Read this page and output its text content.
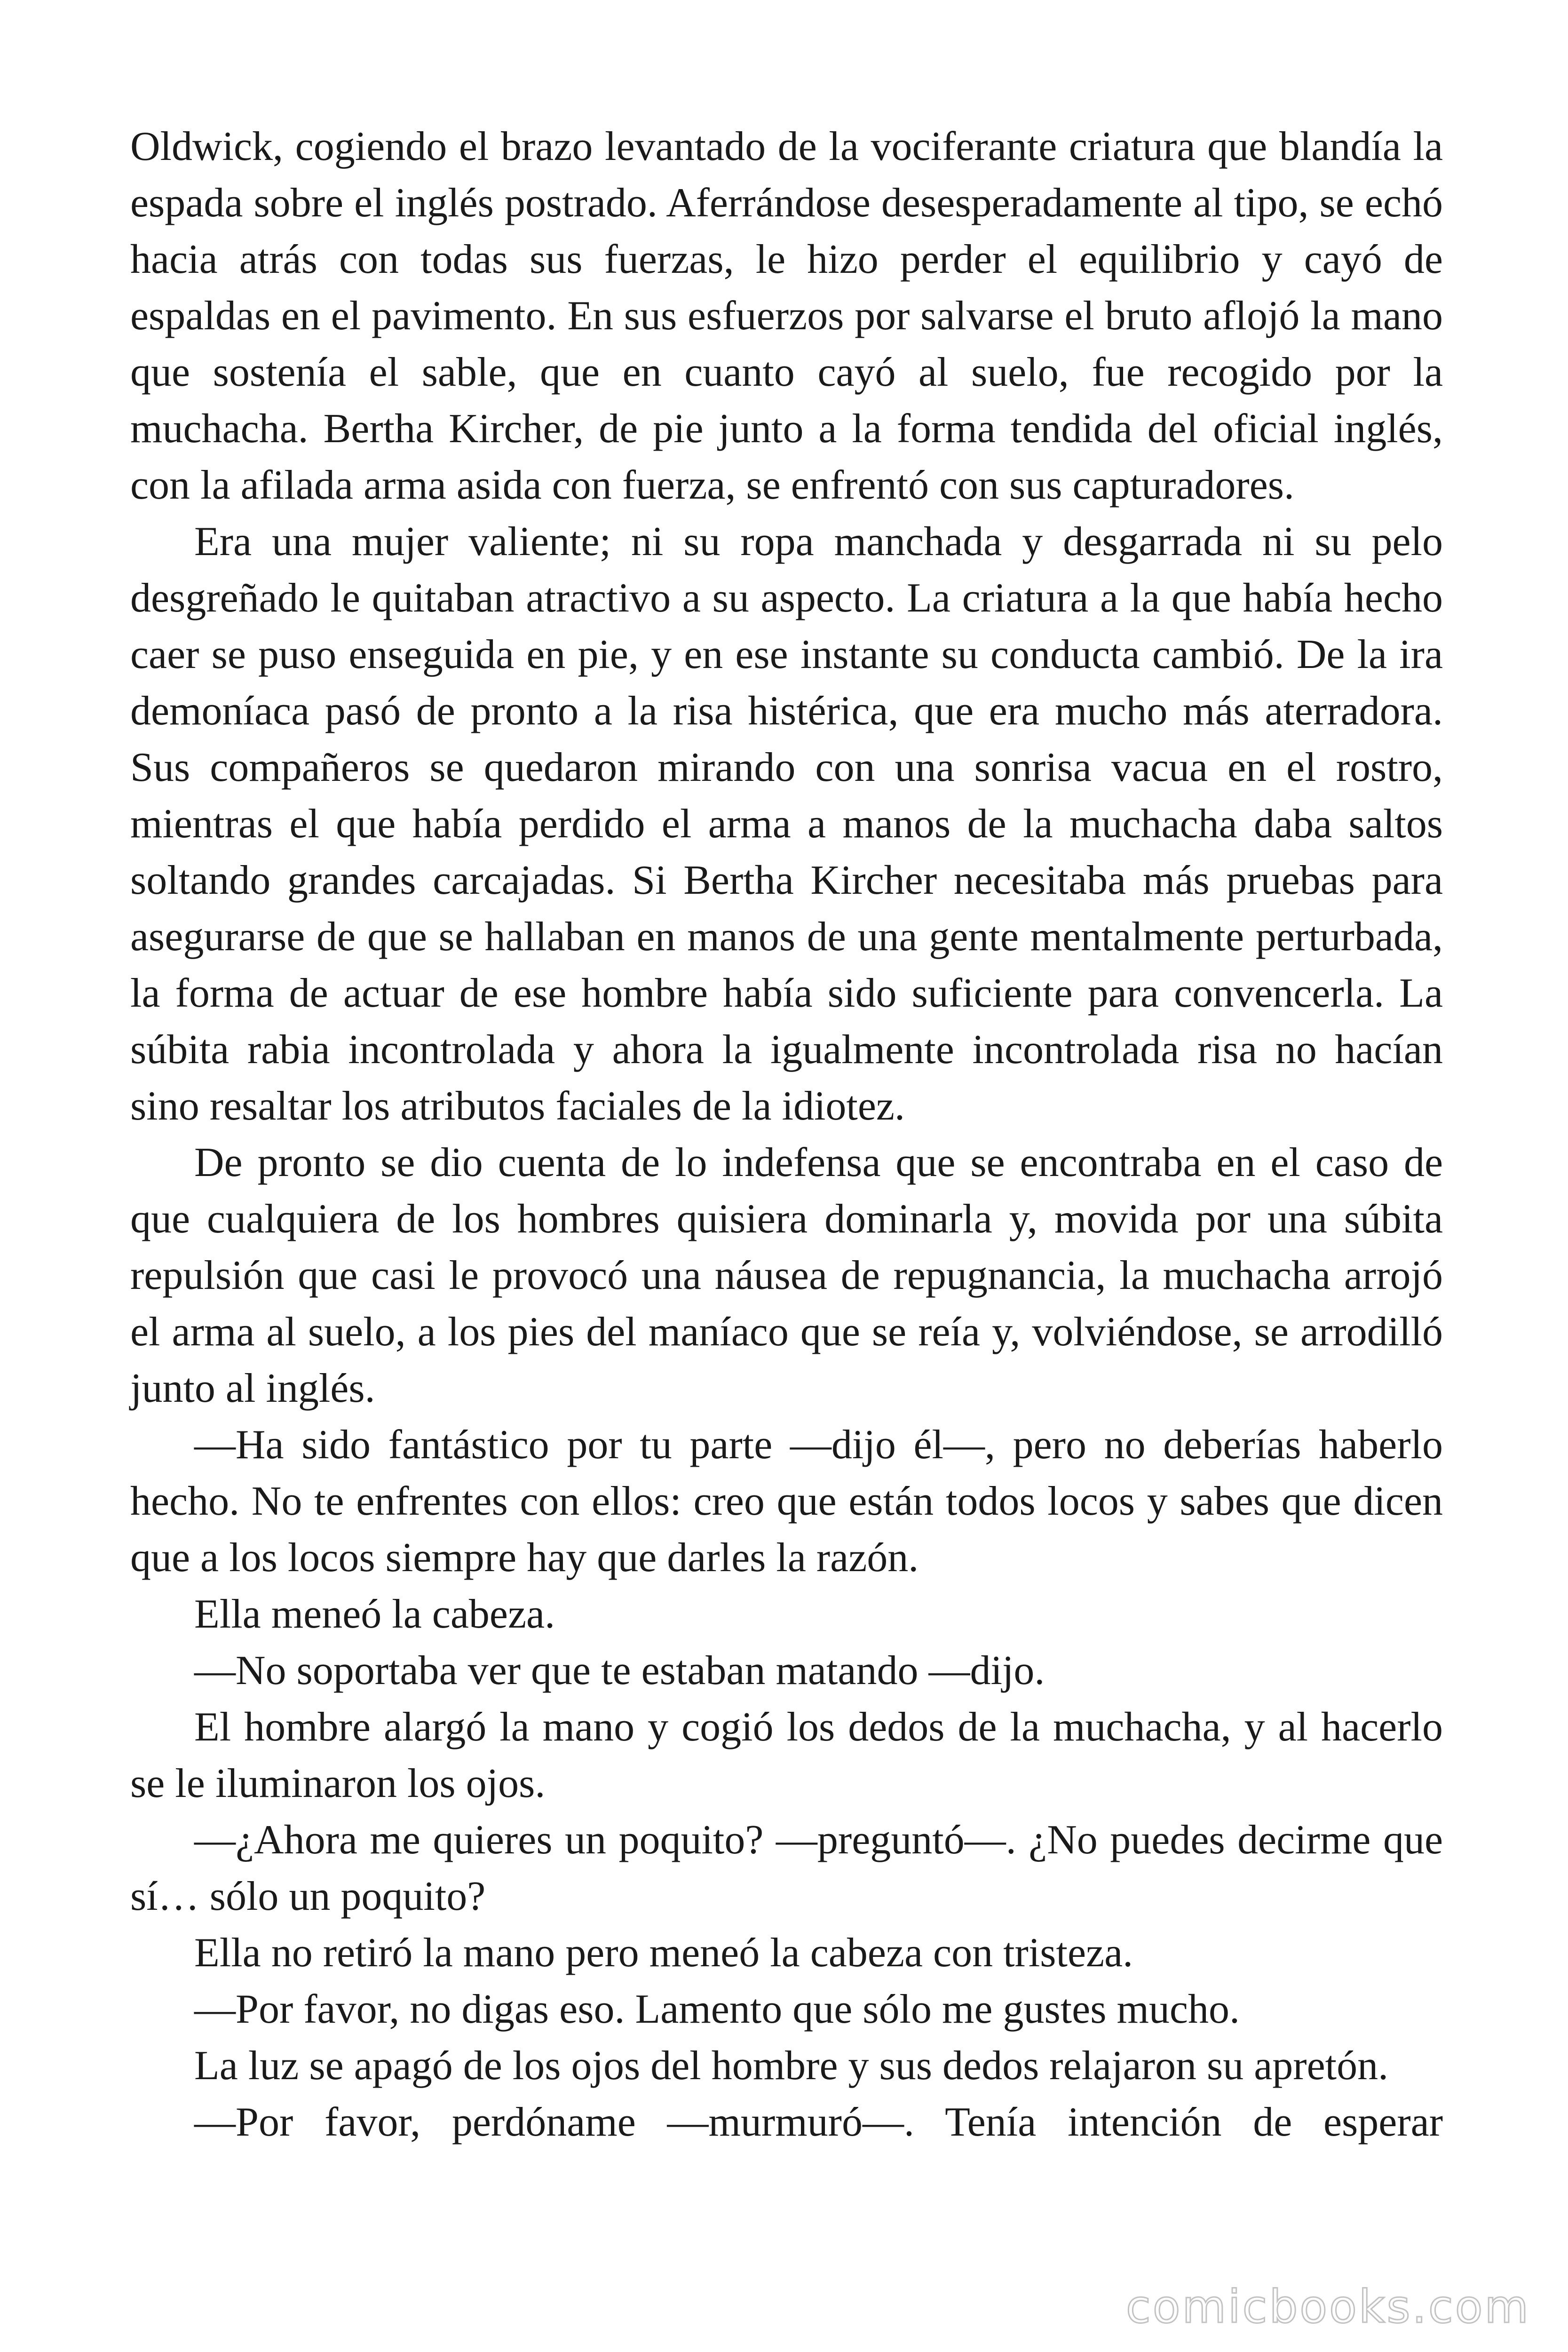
Oldwick, cogiendo el brazo levantado de la vociferante criatura que blandía la espada sobre el inglés postrado. Aferrándose desesperadamente al tipo, se echó hacia atrás con todas sus fuerzas, le hizo perder el equilibrio y cayó de espaldas en el pavimento. En sus esfuerzos por salvarse el bruto aflojó la mano que sostenía el sable, que en cuanto cayó al suelo, fue recogido por la muchacha. Bertha Kircher, de pie junto a la forma tendida del oficial inglés, con la afilada arma asida con fuerza, se enfrentó con sus capturadores.

Era una mujer valiente; ni su ropa manchada y desgarrada ni su pelo desgreñado le quitaban atractivo a su aspecto. La criatura a la que había hecho caer se puso enseguida en pie, y en ese instante su conducta cambió. De la ira demoníaca pasó de pronto a la risa histérica, que era mucho más aterradora. Sus compañeros se quedaron mirando con una sonrisa vacua en el rostro, mientras el que había perdido el arma a manos de la muchacha daba saltos soltando grandes carcajadas. Si Bertha Kircher necesitaba más pruebas para asegurarse de que se hallaban en manos de una gente mentalmente perturbada, la forma de actuar de ese hombre había sido suficiente para convencerla. La súbita rabia incontrolada y ahora la igualmente incontrolada risa no hacían sino resaltar los atributos faciales de la idiotez.

De pronto se dio cuenta de lo indefensa que se encontraba en el caso de que cualquiera de los hombres quisiera dominarla y, movida por una súbita repulsión que casi le provocó una náusea de repugnancia, la muchacha arrojó el arma al suelo, a los pies del maníaco que se reía y, volviéndose, se arrodilló junto al inglés.

—Ha sido fantástico por tu parte —dijo él—, pero no deberías haberlo hecho. No te enfrentes con ellos: creo que están todos locos y sabes que dicen que a los locos siempre hay que darles la razón.

Ella meneó la cabeza.

—No soportaba ver que te estaban matando —dijo.

El hombre alargó la mano y cogió los dedos de la muchacha, y al hacerlo se le iluminaron los ojos.

—¿Ahora me quieres un poquito? —preguntó—. ¿No puedes decirme que sí… sólo un poquito?

Ella no retiró la mano pero meneó la cabeza con tristeza.

—Por favor, no digas eso. Lamento que sólo me gustes mucho.

La luz se apagó de los ojos del hombre y sus dedos relajaron su apretón.

—Por favor, perdóname —murmuró—. Tenía intención de esperar

comicbooks.com
